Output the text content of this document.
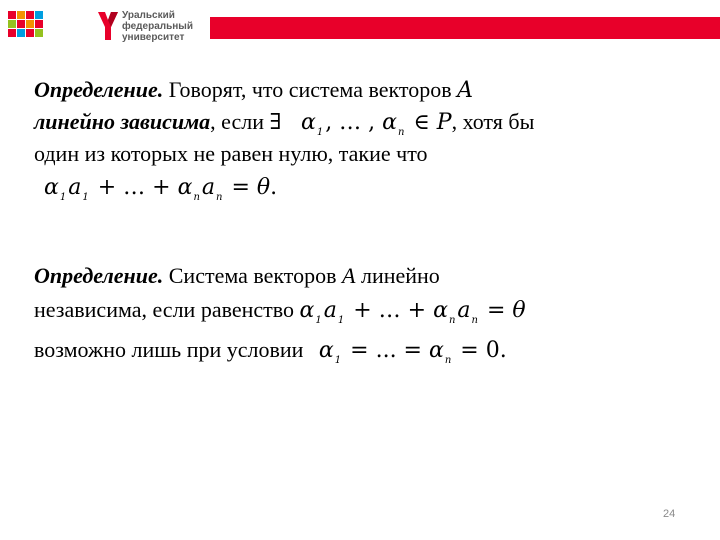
Уральский
федеральный
университет
Определение. Говорят, что система векторов A
линейно зависима, если ∃ $\alpha_1$, … , $\alpha_n$ ∈ P, хотя бы
один из которых не равен нулю, такие что
$\alpha_1a_1$ + … + $\alpha_na_n = \theta$.
Определение. Система векторов A линейно
независима, если равенство $\alpha_1a_1$ + … + $\alpha_na_n = \theta$
возможно лишь при условии $\alpha_1$ = ... = $\alpha_n = 0$.
24
